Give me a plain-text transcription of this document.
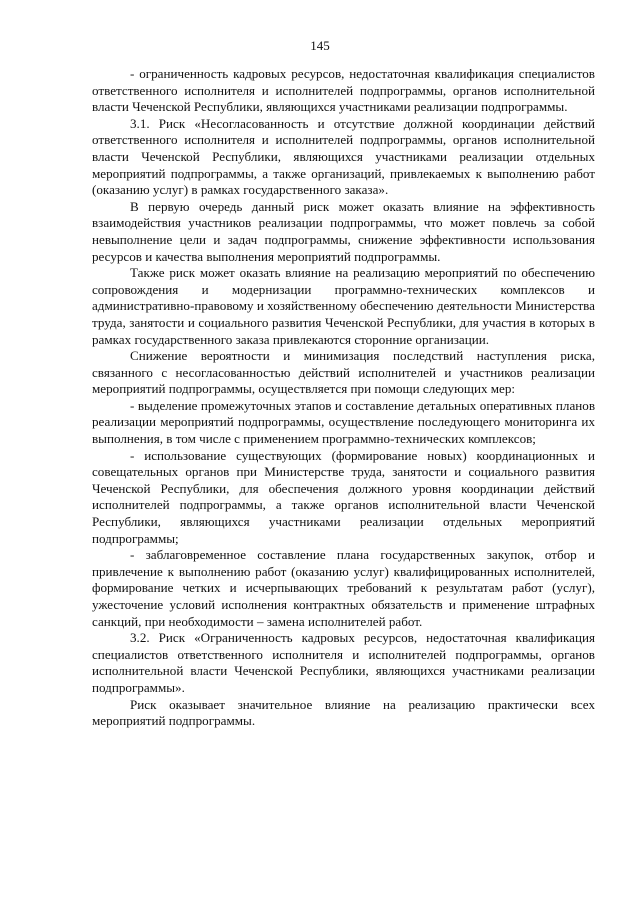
145

- ограниченность кадровых ресурсов, недостаточная квалификация специалистов ответственного исполнителя и исполнителей подпрограммы, органов исполнительной власти Чеченской Республики, являющихся участниками реализации подпрограммы.

3.1. Риск «Несогласованность и отсутствие должной координации действий ответственного исполнителя и исполнителей подпрограммы, органов исполнительной власти Чеченской Республики, являющихся участниками реализации отдельных мероприятий подпрограммы, а также организаций, привлекаемых к выполнению работ (оказанию услуг) в рамках государственного заказа».

В первую очередь данный риск может оказать влияние на эффективность взаимодействия участников реализации подпрограммы, что может повлечь за собой невыполнение цели и задач подпрограммы, снижение эффективности использования ресурсов и качества выполнения мероприятий подпрограммы.

Также риск может оказать влияние на реализацию мероприятий по обеспечению сопровождения и модернизации программно-технических комплексов и административно-правовому и хозяйственному обеспечению деятельности Министерства труда, занятости и социального развития Чеченской Республики, для участия в которых в рамках государственного заказа привлекаются сторонние организации.

Снижение вероятности и минимизация последствий наступления риска, связанного с несогласованностью действий исполнителей и участников реализации мероприятий подпрограммы, осуществляется при помощи следующих мер:

- выделение промежуточных этапов и составление детальных оперативных планов реализации мероприятий подпрограммы, осуществление последующего мониторинга их выполнения, в том числе с применением программно-технических комплексов;

- использование существующих (формирование новых) координационных и совещательных органов при Министерстве труда, занятости и социального развития Чеченской Республики, для обеспечения должного уровня координации действий исполнителей подпрограммы, а также органов исполнительной власти Чеченской Республики, являющихся участниками реализации отдельных мероприятий подпрограммы;

- заблаговременное составление плана государственных закупок, отбор и привлечение к выполнению работ (оказанию услуг) квалифицированных исполнителей, формирование четких и исчерпывающих требований к результатам работ (услуг), ужесточение условий исполнения контрактных обязательств и применение штрафных санкций, при необходимости – замена исполнителей работ.

3.2. Риск «Ограниченность кадровых ресурсов, недостаточная квалификация специалистов ответственного исполнителя и исполнителей подпрограммы, органов исполнительной власти Чеченской Республики, являющихся участниками реализации подпрограммы».

Риск оказывает значительное влияние на реализацию практически всех мероприятий подпрограммы.
